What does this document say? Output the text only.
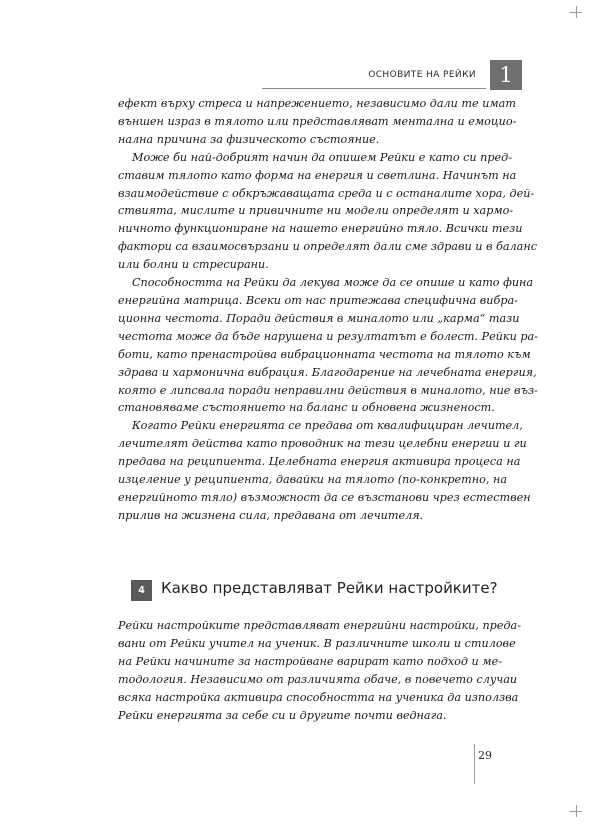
ОСНОВИТЕ НА РЕЙКИ	1

ефект върху стреса и напрежението, независимо дали те имат
външен израз в тялото или представляват ментална и емоцио-
нална причина за физическото състояние.

Може би най-добрият начин да опишем Рейки е като си пред-
ставим тялото като форма на енергия и светлина. Начинът на
взаимодействие с обкръжаващата среда и с останалите хора, дей-
ствията, мислите и привичните ни модели определят и хармо-
ничното функциониране на нашето енергийно тяло. Всички тези
фактори са взаимосвързани и определят дали сме здрави и в баланс
или болни и стресирани.

Способността на Рейки да лекува може да се опише и като фина
енергийна матрица. Всеки от нас притежава специфична вибра-
ционна честота. Поради действия в миналото или „карма“ тази
честота може да бъде нарушена и резултатът е болест. Рейки ра-
боти, като пренастройва вибрационната честота на тялото към
здрава и хармонична вибрация. Благодарение на лечебната енергия,
която е липсвала поради неправилни действия в миналото, ние въз-
становяваме състоянието на баланс и обновена жизненост.

Когато Рейки енергията се предава от квалифициран лечител,
лечителят действа като проводник на тези целебни енергии и ги
предава на реципиента. Целебната енергия активира процеса на
изцеление у реципиента, давайки на тялото (по-конкретно, на
енергийното тяло) възможност да се възстанови чрез естествен
прилив на жизнена сила, предавана от лечителя.

4	Какво представляват Рейки настройките?

Рейки настройките представляват енергийни настройки, преда-
вани от Рейки учител на ученик. В различните школи и стилове
на Рейки начините за настройване варират като подход и ме-
тодология. Независимо от различията обаче, в повечето случаи
всяка настройка активира способността на ученика да използва
Рейки енергията за себе си и другите почти веднага.

29
